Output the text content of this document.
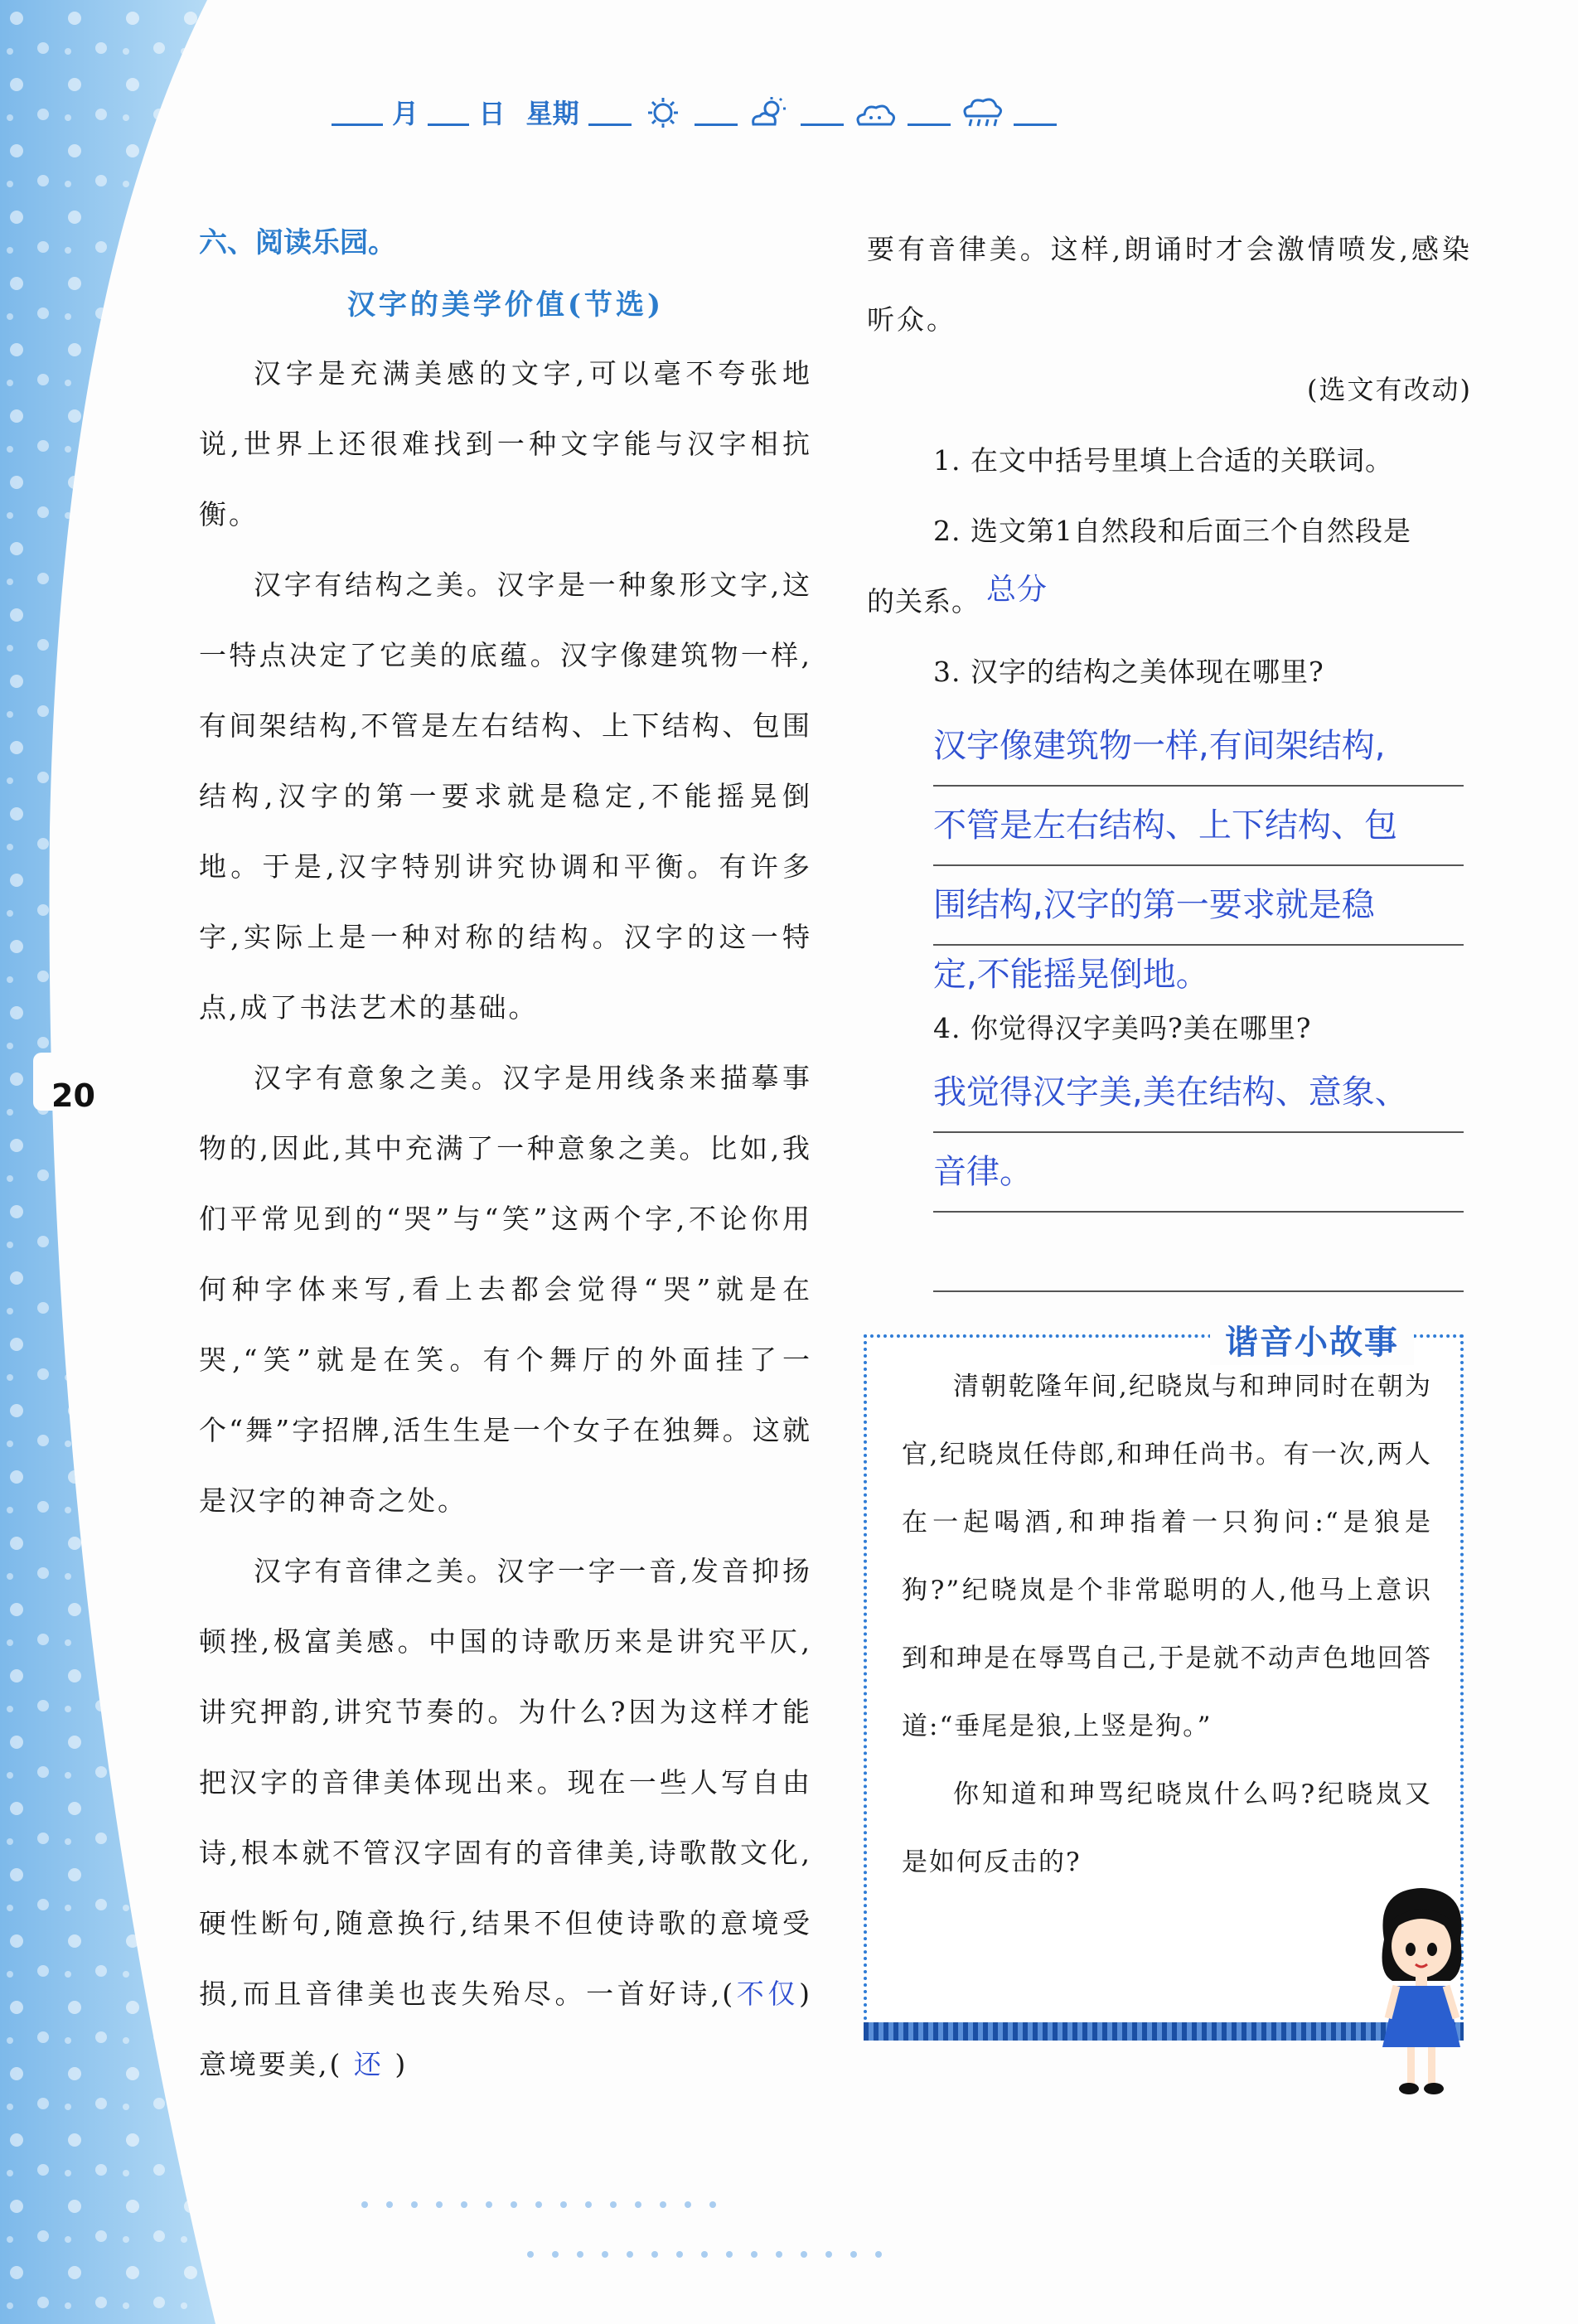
20
月 日 星期
六、阅读乐园。
汉字的美学价值(节选)

汉字是充满美感的文字,可以毫不夸张地说,世界上还很难找到一种文字能与汉字相抗衡。

汉字有结构之美。汉字是一种象形文字,这一特点决定了它美的底蕴。汉字像建筑物一样,有间架结构,不管是左右结构、上下结构、包围结构,汉字的第一要求就是稳定,不能摇晃倒地。于是,汉字特别讲究协调和平衡。有许多字,实际上是一种对称的结构。汉字的这一特点,成了书法艺术的基础。

汉字有意象之美。汉字是用线条来描摹事物的,因此,其中充满了一种意象之美。比如,我们平常见到的“哭”与“笑”这两个字,不论你用何种字体来写,看上去都会觉得“哭”就是在哭,“笑”就是在笑。有个舞厅的外面挂了一个“舞”字招牌,活生生是一个女子在独舞。这就是汉字的神奇之处。

汉字有音律之美。汉字一字一音,发音抑扬顿挫,极富美感。中国的诗歌历来是讲究平仄,讲究押韵,讲究节奏的。为什么?因为这样才能把汉字的音律美体现出来。现在一些人写自由诗,根本就不管汉字固有的音律美,诗歌散文化,硬性断句,随意换行,结果不但使诗歌的意境受损,而且音律美也丧失殆尽。一首好诗,(不仅)意境要美,( 还 )

要有音律美。这样,朗诵时才会激情喷发,感染听众。

(选文有改动)
1. 在文中括号里填上合适的关联词。
2. 选文第1自然段和后面三个自然段是
的关系。 总分
3. 汉字的结构之美体现在哪里?
汉字像建筑物一样,有间架结构,
不管是左右结构、上下结构、包
围结构,汉字的第一要求就是稳
定,不能摇晃倒地。
4. 你觉得汉字美吗?美在哪里?
我觉得汉字美,美在结构、意象、
音律。
谐音小故事

清朝乾隆年间,纪晓岚与和珅同时在朝为官,纪晓岚任侍郎,和珅任尚书。有一次,两人在一起喝酒,和珅指着一只狗问:“是狼是狗?”纪晓岚是个非常聪明的人,他马上意识到和珅是在辱骂自己,于是就不动声色地回答道:“垂尾是狼,上竖是狗。”

你知道和珅骂纪晓岚什么吗?纪晓岚又是如何反击的?
